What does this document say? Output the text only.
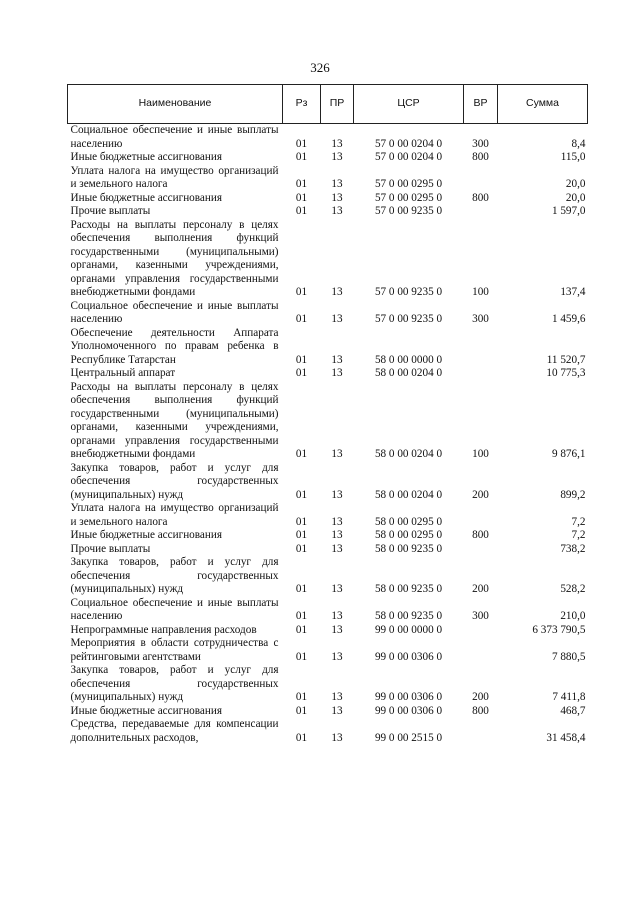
326
Наименование	Рз	ПР	ЦСР	ВР	Сумма
Социальное обеспечение и иные выплаты населению	01	13	57 0 00 0204 0	300	8,4
Иные бюджетные ассигнования	01	13	57 0 00 0204 0	800	115,0
Уплата налога на имущество организаций и земельного налога	01	13	57 0 00 0295 0		20,0
Иные бюджетные ассигнования	01	13	57 0 00 0295 0	800	20,0
Прочие выплаты	01	13	57 0 00 9235 0		1 597,0
Расходы на выплаты персоналу в целях обеспечения выполнения функций государственными (муниципальными) органами, казенными учреждениями, органами управления государственными внебюджетными фондами	01	13	57 0 00 9235 0	100	137,4
Социальное обеспечение и иные выплаты населению	01	13	57 0 00 9235 0	300	1 459,6
Обеспечение деятельности Аппарата Уполномоченного по правам ребенка в Республике Татарстан	01	13	58 0 00 0000 0		11 520,7
Центральный аппарат	01	13	58 0 00 0204 0		10 775,3
Расходы на выплаты персоналу в целях обеспечения выполнения функций государственными (муниципальными) органами, казенными учреждениями, органами управления государственными внебюджетными фондами	01	13	58 0 00 0204 0	100	9 876,1
Закупка товаров, работ и услуг для обеспечения государственных (муниципальных) нужд	01	13	58 0 00 0204 0	200	899,2
Уплата налога на имущество организаций и земельного налога	01	13	58 0 00 0295 0		7,2
Иные бюджетные ассигнования	01	13	58 0 00 0295 0	800	7,2
Прочие выплаты	01	13	58 0 00 9235 0		738,2
Закупка товаров, работ и услуг для обеспечения государственных (муниципальных) нужд	01	13	58 0 00 9235 0	200	528,2
Социальное обеспечение и иные выплаты населению	01	13	58 0 00 9235 0	300	210,0
Непрограммные направления расходов	01	13	99 0 00 0000 0		6 373 790,5
Мероприятия в области сотрудничества с рейтинговыми агентствами	01	13	99 0 00 0306 0		7 880,5
Закупка товаров, работ и услуг для обеспечения государственных (муниципальных) нужд	01	13	99 0 00 0306 0	200	7 411,8
Иные бюджетные ассигнования	01	13	99 0 00 0306 0	800	468,7
Средства, передаваемые для компенсации дополнительных расходов,	01	13	99 0 00 2515 0		31 458,4
